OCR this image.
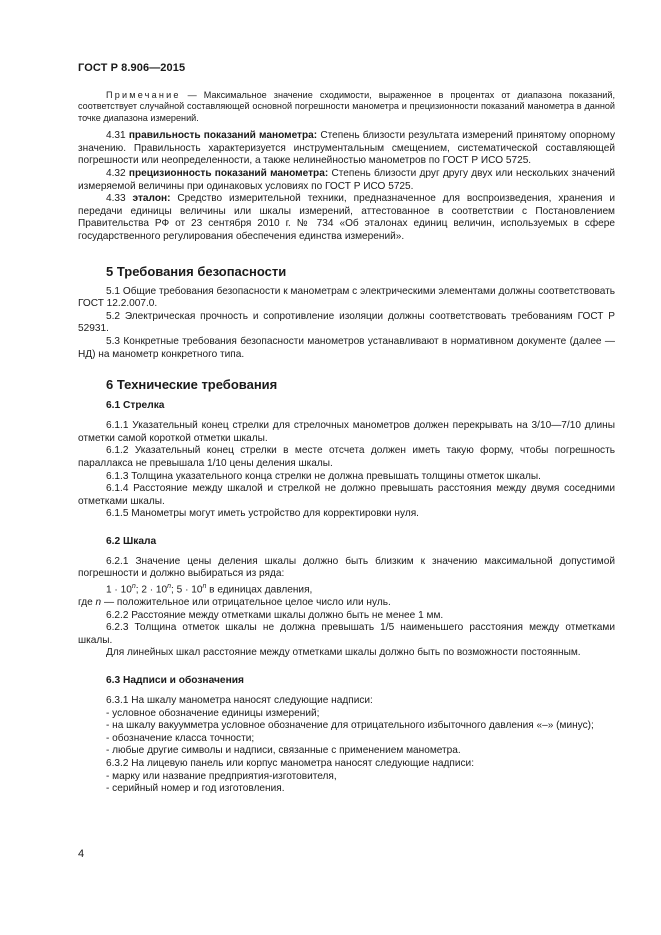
ГОСТ Р 8.906—2015

Примечание — Максимальное значение сходимости, выраженное в процентах от диапазона показаний, соответствует случайной составляющей основной погрешности манометра и прецизионности показаний манометра в данной точке диапазона измерений.

4.31 правильность показаний манометра: Степень близости результата измерений принятому опорному значению. Правильность характеризуется инструментальным смещением, систематической составляющей погрешности или неопределенности, а также нелинейностью манометров по ГОСТ Р ИСО 5725.

4.32 прецизионность показаний манометра: Степень близости друг другу двух или нескольких значений измеряемой величины при одинаковых условиях по ГОСТ Р ИСО 5725.

4.33 эталон: Средство измерительной техники, предназначенное для воспроизведения, хранения и передачи единицы величины или шкалы измерений, аттестованное в соответствии с Постановлением Правительства РФ от 23 сентября 2010 г. № 734 «Об эталонах единиц величин, используемых в сфере государственного регулирования обеспечения единства измерений».

5 Требования безопасности

5.1 Общие требования безопасности к манометрам с электрическими элементами должны соответствовать ГОСТ 12.2.007.0.

5.2 Электрическая прочность и сопротивление изоляции должны соответствовать требованиям ГОСТ Р 52931.

5.3 Конкретные требования безопасности манометров устанавливают в нормативном документе (далее — НД) на манометр конкретного типа.

6 Технические требования
6.1 Стрелка

6.1.1 Указательный конец стрелки для стрелочных манометров должен перекрывать на 3/10—7/10 длины отметки самой короткой отметки шкалы.

6.1.2 Указательный конец стрелки в месте отсчета должен иметь такую форму, чтобы погрешность параллакса не превышала 1/10 цены деления шкалы.

6.1.3 Толщина указательного конца стрелки не должна превышать толщины отметок шкалы.

6.1.4 Расстояние между шкалой и стрелкой не должно превышать расстояния между двумя соседними отметками шкалы.

6.1.5 Манометры могут иметь устройство для корректировки нуля.

6.2 Шкала

6.2.1 Значение цены деления шкалы должно быть близким к значению максимальной допустимой погрешности и должно выбираться из ряда:

$1 \cdot 10^n$; $2 \cdot 10^n$; $5 \cdot 10^n$ в единицах давления,

где n — положительное или отрицательное целое число или нуль.

6.2.2 Расстояние между отметками шкалы должно быть не менее 1 мм.

6.2.3 Толщина отметок шкалы не должна превышать 1/5 наименьшего расстояния между отметками шкалы.

Для линейных шкал расстояние между отметками шкалы должно быть по возможности постоянным.

6.3 Надписи и обозначения

6.3.1 На шкалу манометра наносят следующие надписи:

- условное обозначение единицы измерений;

- на шкалу вакуумметра условное обозначение для отрицательного избыточного давления «–» (минус);

- обозначение класса точности;

- любые другие символы и надписи, связанные с применением манометра.

6.3.2 На лицевую панель или корпус манометра наносят следующие надписи:

- марку или название предприятия-изготовителя,

- серийный номер и год изготовления.

4
